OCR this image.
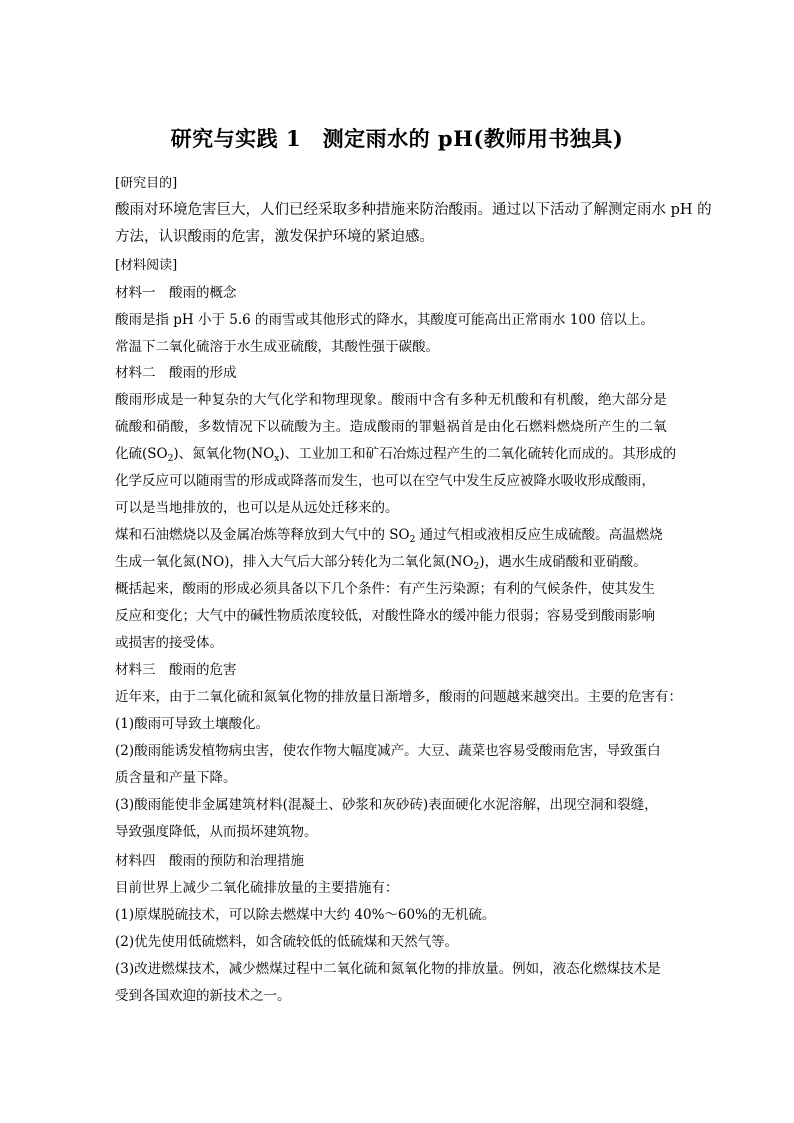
研究与实践 1　测定雨水的 pH(教师用书独具)
[研究目的]
酸雨对环境危害巨大，人们已经采取多种措施来防治酸雨。通过以下活动了解测定雨水 pH 的
方法，认识酸雨的危害，激发保护环境的紧迫感。
[材料阅读]
材料一　酸雨的概念
酸雨是指 pH 小于 5.6 的雨雪或其他形式的降水，其酸度可能高出正常雨水 100 倍以上。
常温下二氧化硫溶于水生成亚硫酸，其酸性强于碳酸。
材料二　酸雨的形成
酸雨形成是一种复杂的大气化学和物理现象。酸雨中含有多种无机酸和有机酸，绝大部分是
硫酸和硝酸，多数情况下以硫酸为主。造成酸雨的罪魁祸首是由化石燃料燃烧所产生的二氧
化硫$(SO_2)$、氮氧化物$(NO_x)$、工业加工和矿石冶炼过程产生的二氧化硫转化而成的。其形成的
化学反应可以随雨雪的形成或降落而发生，也可以在空气中发生反应被降水吸收形成酸雨，
可以是当地排放的，也可以是从远处迁移来的。
煤和石油燃烧以及金属冶炼等释放到大气中的 $SO_2$ 通过气相或液相反应生成硫酸。高温燃烧
生成一氧化氮(NO)，排入大气后大部分转化为二氧化氮$(NO_2)$，遇水生成硝酸和亚硝酸。
概括起来，酸雨的形成必须具备以下几个条件：有产生污染源；有利的气候条件，使其发生
反应和变化；大气中的碱性物质浓度较低，对酸性降水的缓冲能力很弱；容易受到酸雨影响
或损害的接受体。
材料三　酸雨的危害
近年来，由于二氧化硫和氮氧化物的排放量日渐增多，酸雨的问题越来越突出。主要的危害有：
(1)酸雨可导致土壤酸化。
(2)酸雨能诱发植物病虫害，使农作物大幅度减产。大豆、蔬菜也容易受酸雨危害，导致蛋白
质含量和产量下降。
(3)酸雨能使非金属建筑材料(混凝土、砂浆和灰砂砖)表面硬化水泥溶解，出现空洞和裂缝，
导致强度降低，从而损坏建筑物。
材料四　酸雨的预防和治理措施
目前世界上减少二氧化硫排放量的主要措施有：
(1)原煤脱硫技术，可以除去燃煤中大约 40%～60%的无机硫。
(2)优先使用低硫燃料，如含硫较低的低硫煤和天然气等。
(3)改进燃煤技术，减少燃煤过程中二氧化硫和氮氧化物的排放量。例如，液态化燃煤技术是
受到各国欢迎的新技术之一。
